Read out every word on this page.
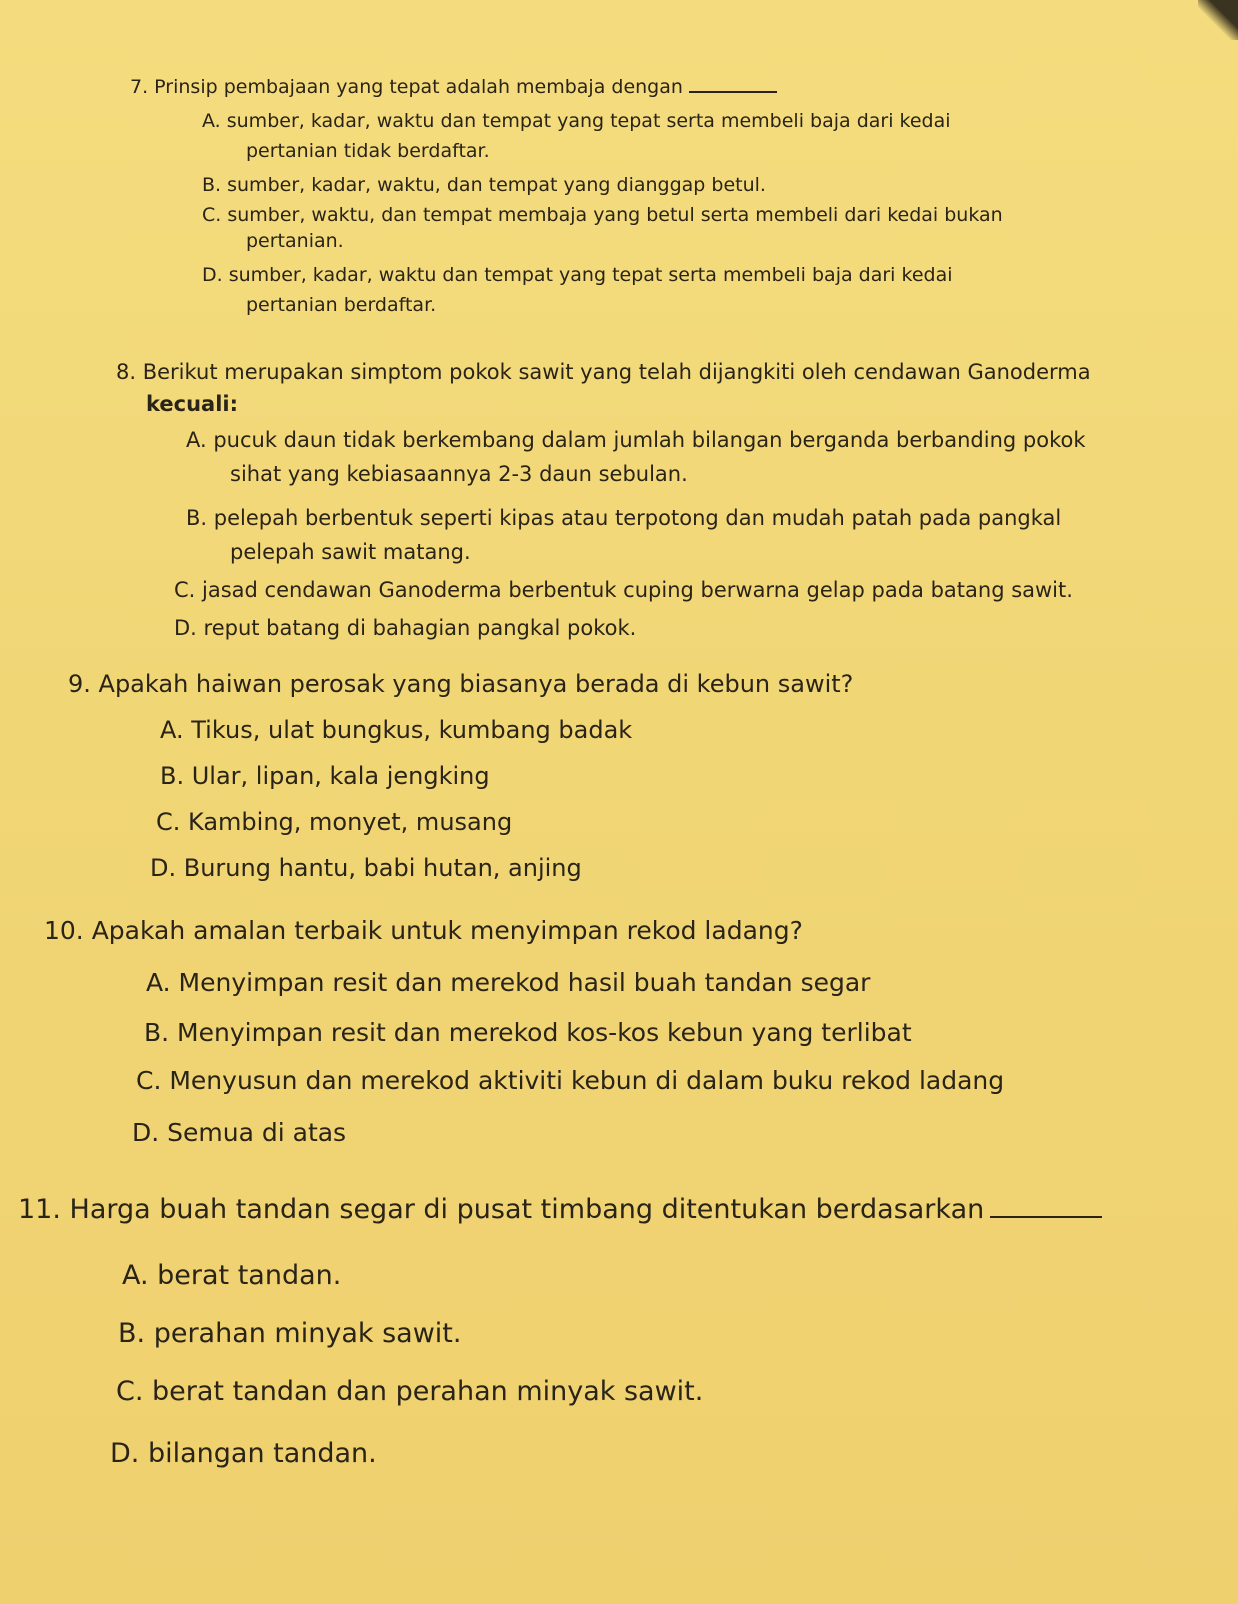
7. Prinsip pembajaan yang tepat adalah membaja dengan

A. sumber, kadar, waktu dan tempat yang tepat serta membeli baja dari kedai

pertanian tidak berdaftar.

B. sumber, kadar, waktu, dan tempat yang dianggap betul.

C. sumber, waktu, dan tempat membaja yang betul serta membeli dari kedai bukan

pertanian.

D. sumber, kadar, waktu dan tempat yang tepat serta membeli baja dari kedai

pertanian berdaftar.

8. Berikut merupakan simptom pokok sawit yang telah dijangkiti oleh cendawan Ganoderma

kecuali:

A. pucuk daun tidak berkembang dalam jumlah bilangan berganda berbanding pokok

sihat yang kebiasaannya 2-3 daun sebulan.

B. pelepah berbentuk seperti kipas atau terpotong dan mudah patah pada pangkal

pelepah sawit matang.

C. jasad cendawan Ganoderma berbentuk cuping berwarna gelap pada batang sawit.

D. reput batang di bahagian pangkal pokok.

9. Apakah haiwan perosak yang biasanya berada di kebun sawit?

A. Tikus, ulat bungkus, kumbang badak

B. Ular, lipan, kala jengking

C. Kambing, monyet, musang

D. Burung hantu, babi hutan, anjing

10. Apakah amalan terbaik untuk menyimpan rekod ladang?

A. Menyimpan resit dan merekod hasil buah tandan segar

B. Menyimpan resit dan merekod kos-kos kebun yang terlibat

C. Menyusun dan merekod aktiviti kebun di dalam buku rekod ladang

D. Semua di atas

11. Harga buah tandan segar di pusat timbang ditentukan berdasarkan

A. berat tandan.

B. perahan minyak sawit.

C. berat tandan dan perahan minyak sawit.

D. bilangan tandan.
